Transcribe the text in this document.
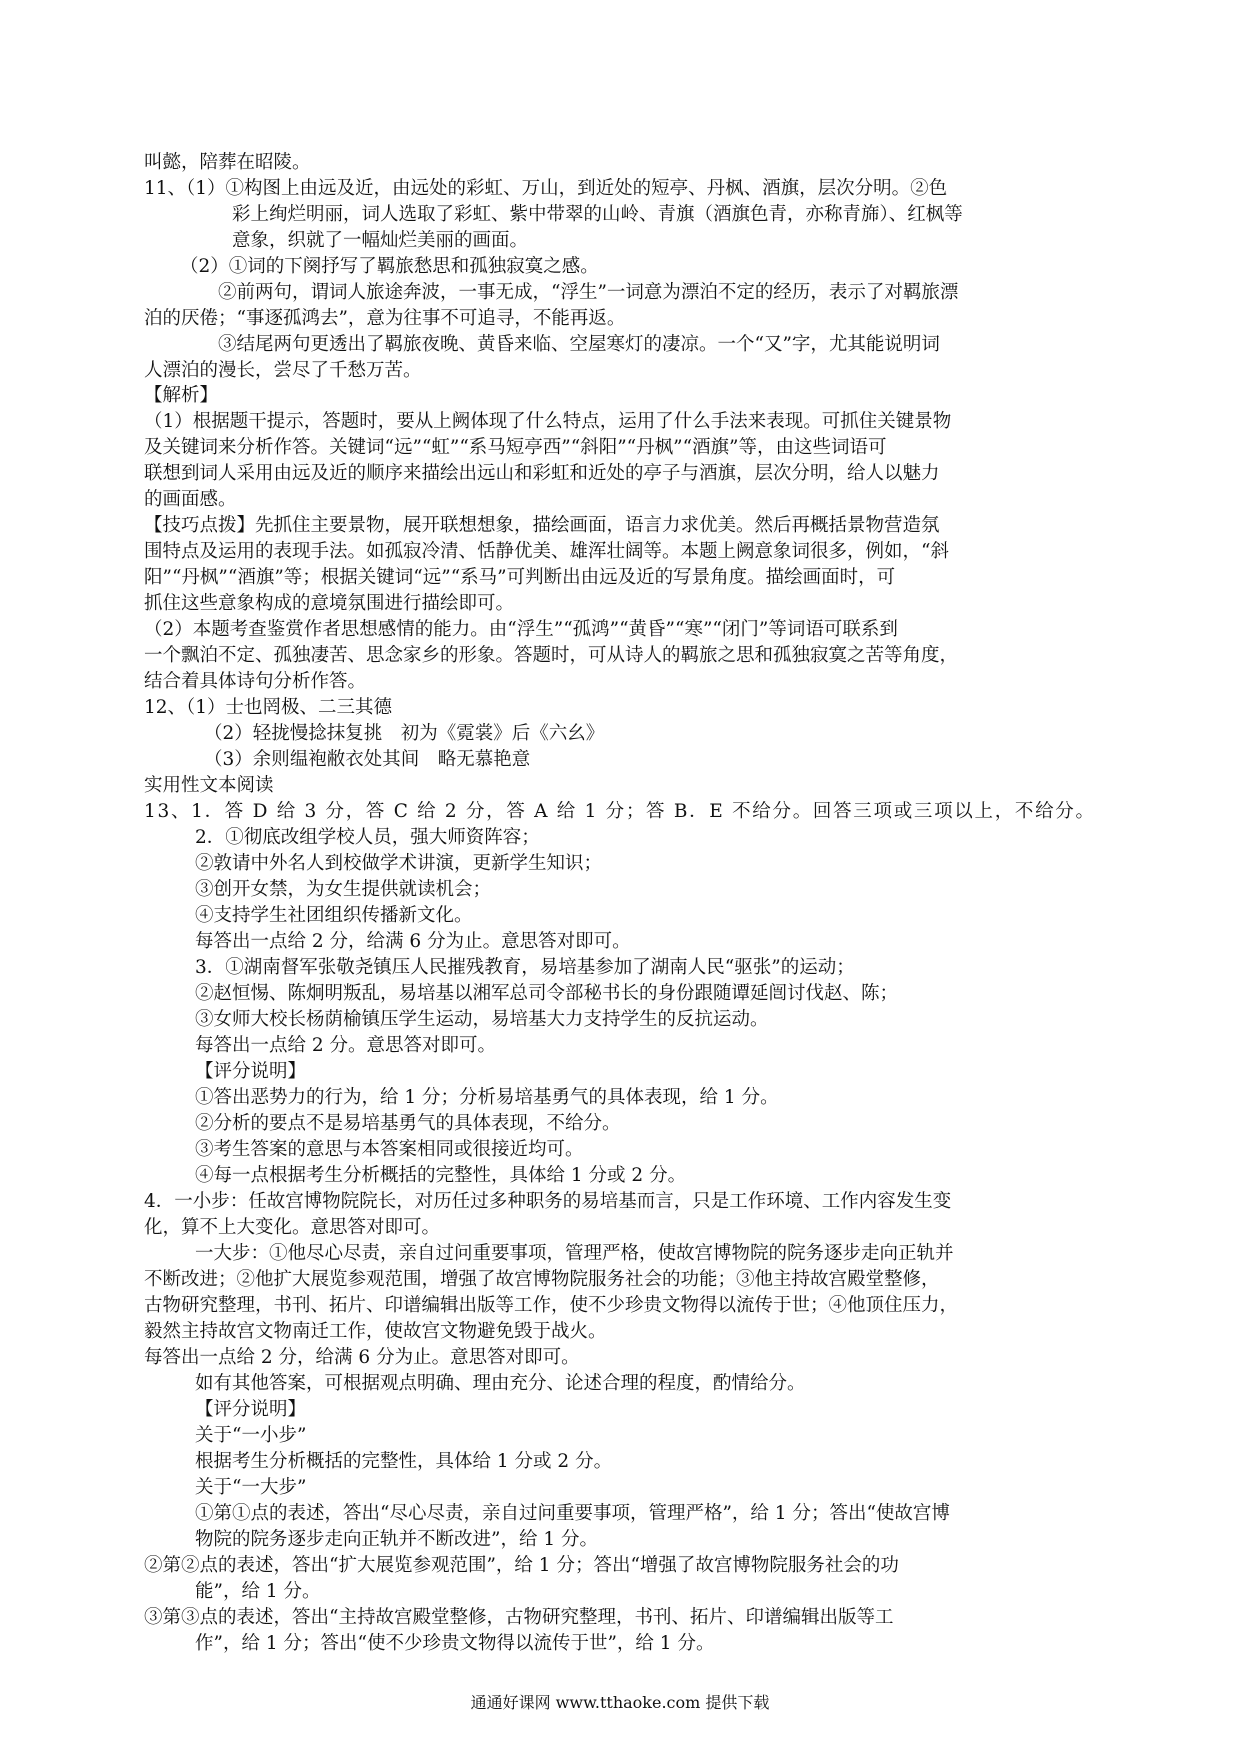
叫懿，陪葬在昭陵。
11、（1）①构图上由远及近，由远处的彩虹、万山，到近处的短亭、丹枫、酒旗，层次分明。②色
彩上绚烂明丽，词人选取了彩虹、紫中带翠的山岭、青旗（酒旗色青，亦称青旆）、红枫等
意象，织就了一幅灿烂美丽的画面。
（2）①词的下阕抒写了羁旅愁思和孤独寂寞之感。
②前两句，谓词人旅途奔波，一事无成，“浮生”一词意为漂泊不定的经历，表示了对羁旅漂
泊的厌倦；“事逐孤鸿去”，意为往事不可追寻，不能再返。
③结尾两句更透出了羁旅夜晚、黄昏来临、空屋寒灯的凄凉。一个“又”字，尤其能说明词
人漂泊的漫长，尝尽了千愁万苦。
【解析】
（1）根据题干提示，答题时，要从上阙体现了什么特点，运用了什么手法来表现。可抓住关键景物
及关键词来分析作答。关键词“远”“虹”“系马短亭西”“斜阳”“丹枫”“酒旗”等，由这些词语可
联想到词人采用由远及近的顺序来描绘出远山和彩虹和近处的亭子与酒旗，层次分明，给人以魅力
的画面感。
【技巧点拨】先抓住主要景物，展开联想想象，描绘画面，语言力求优美。然后再概括景物营造氛
围特点及运用的表现手法。如孤寂冷清、恬静优美、雄浑壮阔等。本题上阙意象词很多，例如，“斜
阳”“丹枫”“酒旗”等；根据关键词“远”“系马”可判断出由远及近的写景角度。描绘画面时，可
抓住这些意象构成的意境氛围进行描绘即可。
（2）本题考查鉴赏作者思想感情的能力。由“浮生”“孤鸿”“黄昏”“寒”“闭门”等词语可联系到
一个飘泊不定、孤独凄苦、思念家乡的形象。答题时，可从诗人的羁旅之思和孤独寂寞之苦等角度，
结合着具体诗句分析作答。
12、（1）士也罔极、二三其德
（2）轻拢慢捻抹复挑　初为《霓裳》后《六幺》
（3）余则缊袍敝衣处其间　略无慕艳意
实用性文本阅读
13、1．答 D 给 3 分，答 C 给 2 分，答 A 给 1 分；答 B．E 不给分。回答三项或三项以上，不给分。
2．①彻底改组学校人员，强大师资阵容；
②敦请中外名人到校做学术讲演，更新学生知识；
③创开女禁，为女生提供就读机会；
④支持学生社团组织传播新文化。
每答出一点给 2 分，给满 6 分为止。意思答对即可。
3．①湖南督军张敬尧镇压人民摧残教育，易培基参加了湖南人民“驱张”的运动；
②赵恒惕、陈炯明叛乱，易培基以湘军总司令部秘书长的身份跟随谭延闿讨伐赵、陈；
③女师大校长杨荫榆镇压学生运动，易培基大力支持学生的反抗运动。
每答出一点给 2 分。意思答对即可。
【评分说明】
①答出恶势力的行为，给 1 分；分析易培基勇气的具体表现，给 1 分。
②分析的要点不是易培基勇气的具体表现，不给分。
③考生答案的意思与本答案相同或很接近均可。
④每一点根据考生分析概括的完整性，具体给 1 分或 2 分。
4．一小步：任故宫博物院院长，对历任过多种职务的易培基而言，只是工作环境、工作内容发生变
化，算不上大变化。意思答对即可。
一大步：①他尽心尽责，亲自过问重要事项，管理严格，使故宫博物院的院务逐步走向正轨并
不断改进；②他扩大展览参观范围，增强了故宫博物院服务社会的功能；③他主持故宫殿堂整修，
古物研究整理，书刊、拓片、印谱编辑出版等工作，使不少珍贵文物得以流传于世；④他顶住压力，
毅然主持故宫文物南迁工作，使故宫文物避免毁于战火。
每答出一点给 2 分，给满 6 分为止。意思答对即可。
如有其他答案，可根据观点明确、理由充分、论述合理的程度，酌情给分。
【评分说明】
关于“一小步”
根据考生分析概括的完整性，具体给 1 分或 2 分。
关于“一大步”
①第①点的表述，答出“尽心尽责，亲自过问重要事项，管理严格”，给 1 分；答出“使故宫博
物院的院务逐步走向正轨并不断改进”，给 1 分。
②第②点的表述，答出“扩大展览参观范围”，给 1 分；答出“增强了故宫博物院服务社会的功
能”，给 1 分。
③第③点的表述，答出“主持故宫殿堂整修，古物研究整理，书刊、拓片、印谱编辑出版等工
作”，给 1 分；答出“使不少珍贵文物得以流传于世”，给 1 分。
通通好课网 www.tthaoke.com 提供下载
